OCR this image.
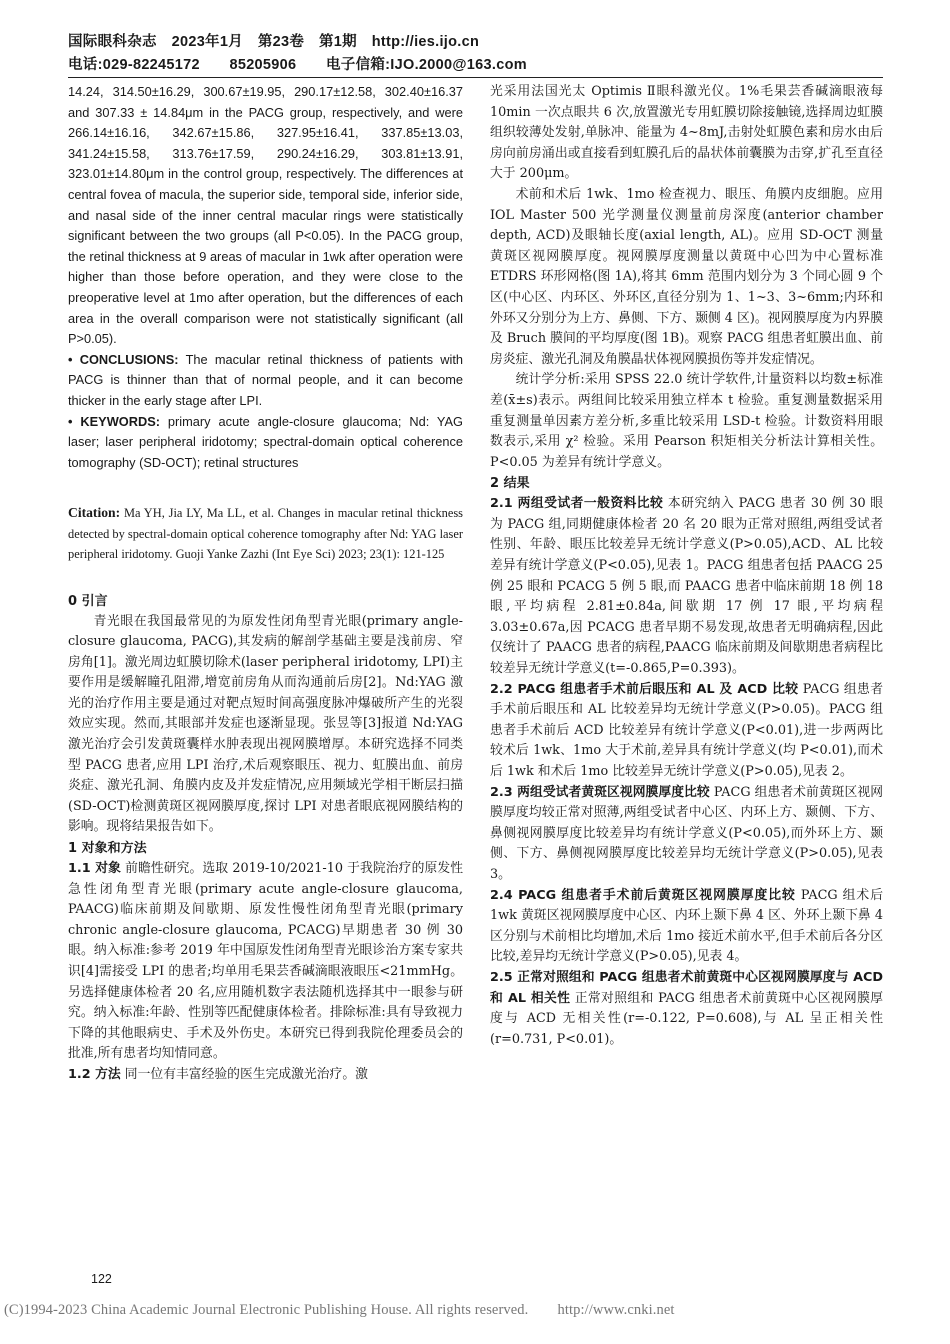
国际眼科杂志　2023年1月　第23卷　第1期　http://ies.ijo.cn
电话:029-82245172　　85205906　　电子信箱:IJO.2000@163.com

14.24, 314.50±16.29, 300.67±19.95, 290.17±12.58, 302.40±16.37 and 307.33 ± 14.84μm in the PACG group, respectively, and were 266.14±16.16, 342.67±15.86, 327.95±16.41, 337.85±13.03, 341.24±15.58, 313.76±17.59, 290.24±16.29, 303.81±13.91, 323.01±14.80μm in the control group, respectively. The differences at central fovea of macula, the superior side, temporal side, inferior side, and nasal side of the inner central macular rings were statistically significant between the two groups (all P<0.05). In the PACG group, the retinal thickness at 9 areas of macular in 1wk after operation were higher than those before operation, and they were close to the preoperative level at 1mo after operation, but the differences of each area in the overall comparison were not statistically significant (all P>0.05).

• CONCLUSIONS: The macular retinal thickness of patients with PACG is thinner than that of normal people, and it can become thicker in the early stage after LPI.

• KEYWORDS: primary acute angle-closure glaucoma; Nd: YAG laser; laser peripheral iridotomy; spectral-domain optical coherence tomography (SD-OCT); retinal structures

Citation: Ma YH, Jia LY, Ma LL, et al. Changes in macular retinal thickness detected by spectral-domain optical coherence tomography after Nd: YAG laser peripheral iridotomy. Guoji Yanke Zazhi (Int Eye Sci) 2023; 23(1): 121-125

0 引言

青光眼在我国最常见的为原发性闭角型青光眼(primary angle-closure glaucoma, PACG),其发病的解剖学基础主要是浅前房、窄房角[1]。激光周边虹膜切除术(laser peripheral iridotomy, LPI)主要作用是缓解瞳孔阻滞,增宽前房角从而沟通前后房[2]。Nd:YAG 激光的治疗作用主要是通过对靶点短时间高强度脉冲爆破所产生的光裂效应实现。然而,其眼部并发症也逐渐显现。张昱等[3]报道 Nd:YAG 激光治疗会引发黄斑囊样水肿表现出视网膜增厚。本研究选择不同类型 PACG 患者,应用 LPI 治疗,术后观察眼压、视力、虹膜出血、前房炎症、激光孔洞、角膜内皮及并发症情况,应用频域光学相干断层扫描(SD-OCT)检测黄斑区视网膜厚度,探讨 LPI 对患者眼底视网膜结构的影响。现将结果报告如下。

1 对象和方法

1.1 对象 前瞻性研究。选取 2019-10/2021-10 于我院治疗的原发性急性闭角型青光眼(primary acute angle-closure glaucoma, PAACG)临床前期及间歇期、原发性慢性闭角型青光眼(primary chronic angle-closure glaucoma, PCACG)早期患者 30 例 30 眼。纳入标准:参考 2019 年中国原发性闭角型青光眼诊治方案专家共识[4]需接受 LPI 的患者;均单用毛果芸香碱滴眼液眼压<21mmHg。另选择健康体检者 20 名,应用随机数字表法随机选择其中一眼参与研究。纳入标准:年龄、性别等匹配健康体检者。排除标准:具有导致视力下降的其他眼病史、手术及外伤史。本研究已得到我院伦理委员会的批准,所有患者均知情同意。

1.2 方法 同一位有丰富经验的医生完成激光治疗。激

光采用法国光太 Optimis Ⅱ眼科激光仪。1%毛果芸香碱滴眼液每 10min 一次点眼共 6 次,放置激光专用虹膜切除接触镜,选择周边虹膜组织较薄处发射,单脉冲、能量为 4~8mJ,击射处虹膜色素和房水由后房向前房涌出或直接看到虹膜孔后的晶状体前囊膜为击穿,扩孔至直径大于 200μm。

术前和术后 1wk、1mo 检查视力、眼压、角膜内皮细胞。应用 IOL Master 500 光学测量仪测量前房深度(anterior chamber depth, ACD)及眼轴长度(axial length, AL)。应用 SD-OCT 测量黄斑区视网膜厚度。视网膜厚度测量以黄斑中心凹为中心置标准 ETDRS 环形网格(图 1A),将其 6mm 范围内划分为 3 个同心圆 9 个区(中心区、内环区、外环区,直径分别为 1、1~3、3~6mm;内环和外环又分别分为上方、鼻侧、下方、颞侧 4 区)。视网膜厚度为内界膜及 Bruch 膜间的平均厚度(图 1B)。观察 PACG 组患者虹膜出血、前房炎症、激光孔洞及角膜晶状体视网膜损伤等并发症情况。

统计学分析:采用 SPSS 22.0 统计学软件,计量资料以均数±标准差(x̄±s)表示。两组间比较采用独立样本 t 检验。重复测量数据采用重复测量单因素方差分析,多重比较采用 LSD-t 检验。计数资料用眼数表示,采用 χ² 检验。采用 Pearson 积矩相关分析法计算相关性。P<0.05 为差异有统计学意义。

2 结果

2.1 两组受试者一般资料比较 本研究纳入 PACG 患者 30 例 30 眼为 PACG 组,同期健康体检者 20 名 20 眼为正常对照组,两组受试者性别、年龄、眼压比较差异无统计学意义(P>0.05),ACD、AL 比较差异有统计学意义(P<0.05),见表 1。PACG 组患者包括 PAACG 25 例 25 眼和 PCACG 5 例 5 眼,而 PAACG 患者中临床前期 18 例 18 眼,平均病程 2.81±0.84a,间歇期 17 例 17 眼,平均病程 3.03±0.67a,因 PCACG 患者早期不易发现,故患者无明确病程,因此仅统计了 PAACG 患者的病程,PAACG 临床前期及间歇期患者病程比较差异无统计学意义(t=-0.865,P=0.393)。

2.2 PACG 组患者手术前后眼压和 AL 及 ACD 比较 PACG 组患者手术前后眼压和 AL 比较差异均无统计学意义(P>0.05)。PACG 组患者手术前后 ACD 比较差异有统计学意义(P<0.01),进一步两两比较术后 1wk、1mo 大于术前,差异具有统计学意义(均 P<0.01),而术后 1wk 和术后 1mo 比较差异无统计学意义(P>0.05),见表 2。

2.3 两组受试者黄斑区视网膜厚度比较 PACG 组患者术前黄斑区视网膜厚度均较正常对照薄,两组受试者中心区、内环上方、颞侧、下方、鼻侧视网膜厚度比较差异均有统计学意义(P<0.05),而外环上方、颞侧、下方、鼻侧视网膜厚度比较差异均无统计学意义(P>0.05),见表 3。

2.4 PACG 组患者手术前后黄斑区视网膜厚度比较 PACG 组术后 1wk 黄斑区视网膜厚度中心区、内环上颞下鼻 4 区、外环上颞下鼻 4 区分别与术前相比均增加,术后 1mo 接近术前水平,但手术前后各分区比较,差异均无统计学意义(P>0.05),见表 4。

2.5 正常对照组和 PACG 组患者术前黄斑中心区视网膜厚度与 ACD 和 AL 相关性 正常对照组和 PACG 组患者术前黄斑中心区视网膜厚度与 ACD 无相关性(r=-0.122, P=0.608),与 AL 呈正相关性(r=0.731, P<0.01)。

122
(C)1994-2023 China Academic Journal Electronic Publishing House. All rights reserved.　　http://www.cnki.net
